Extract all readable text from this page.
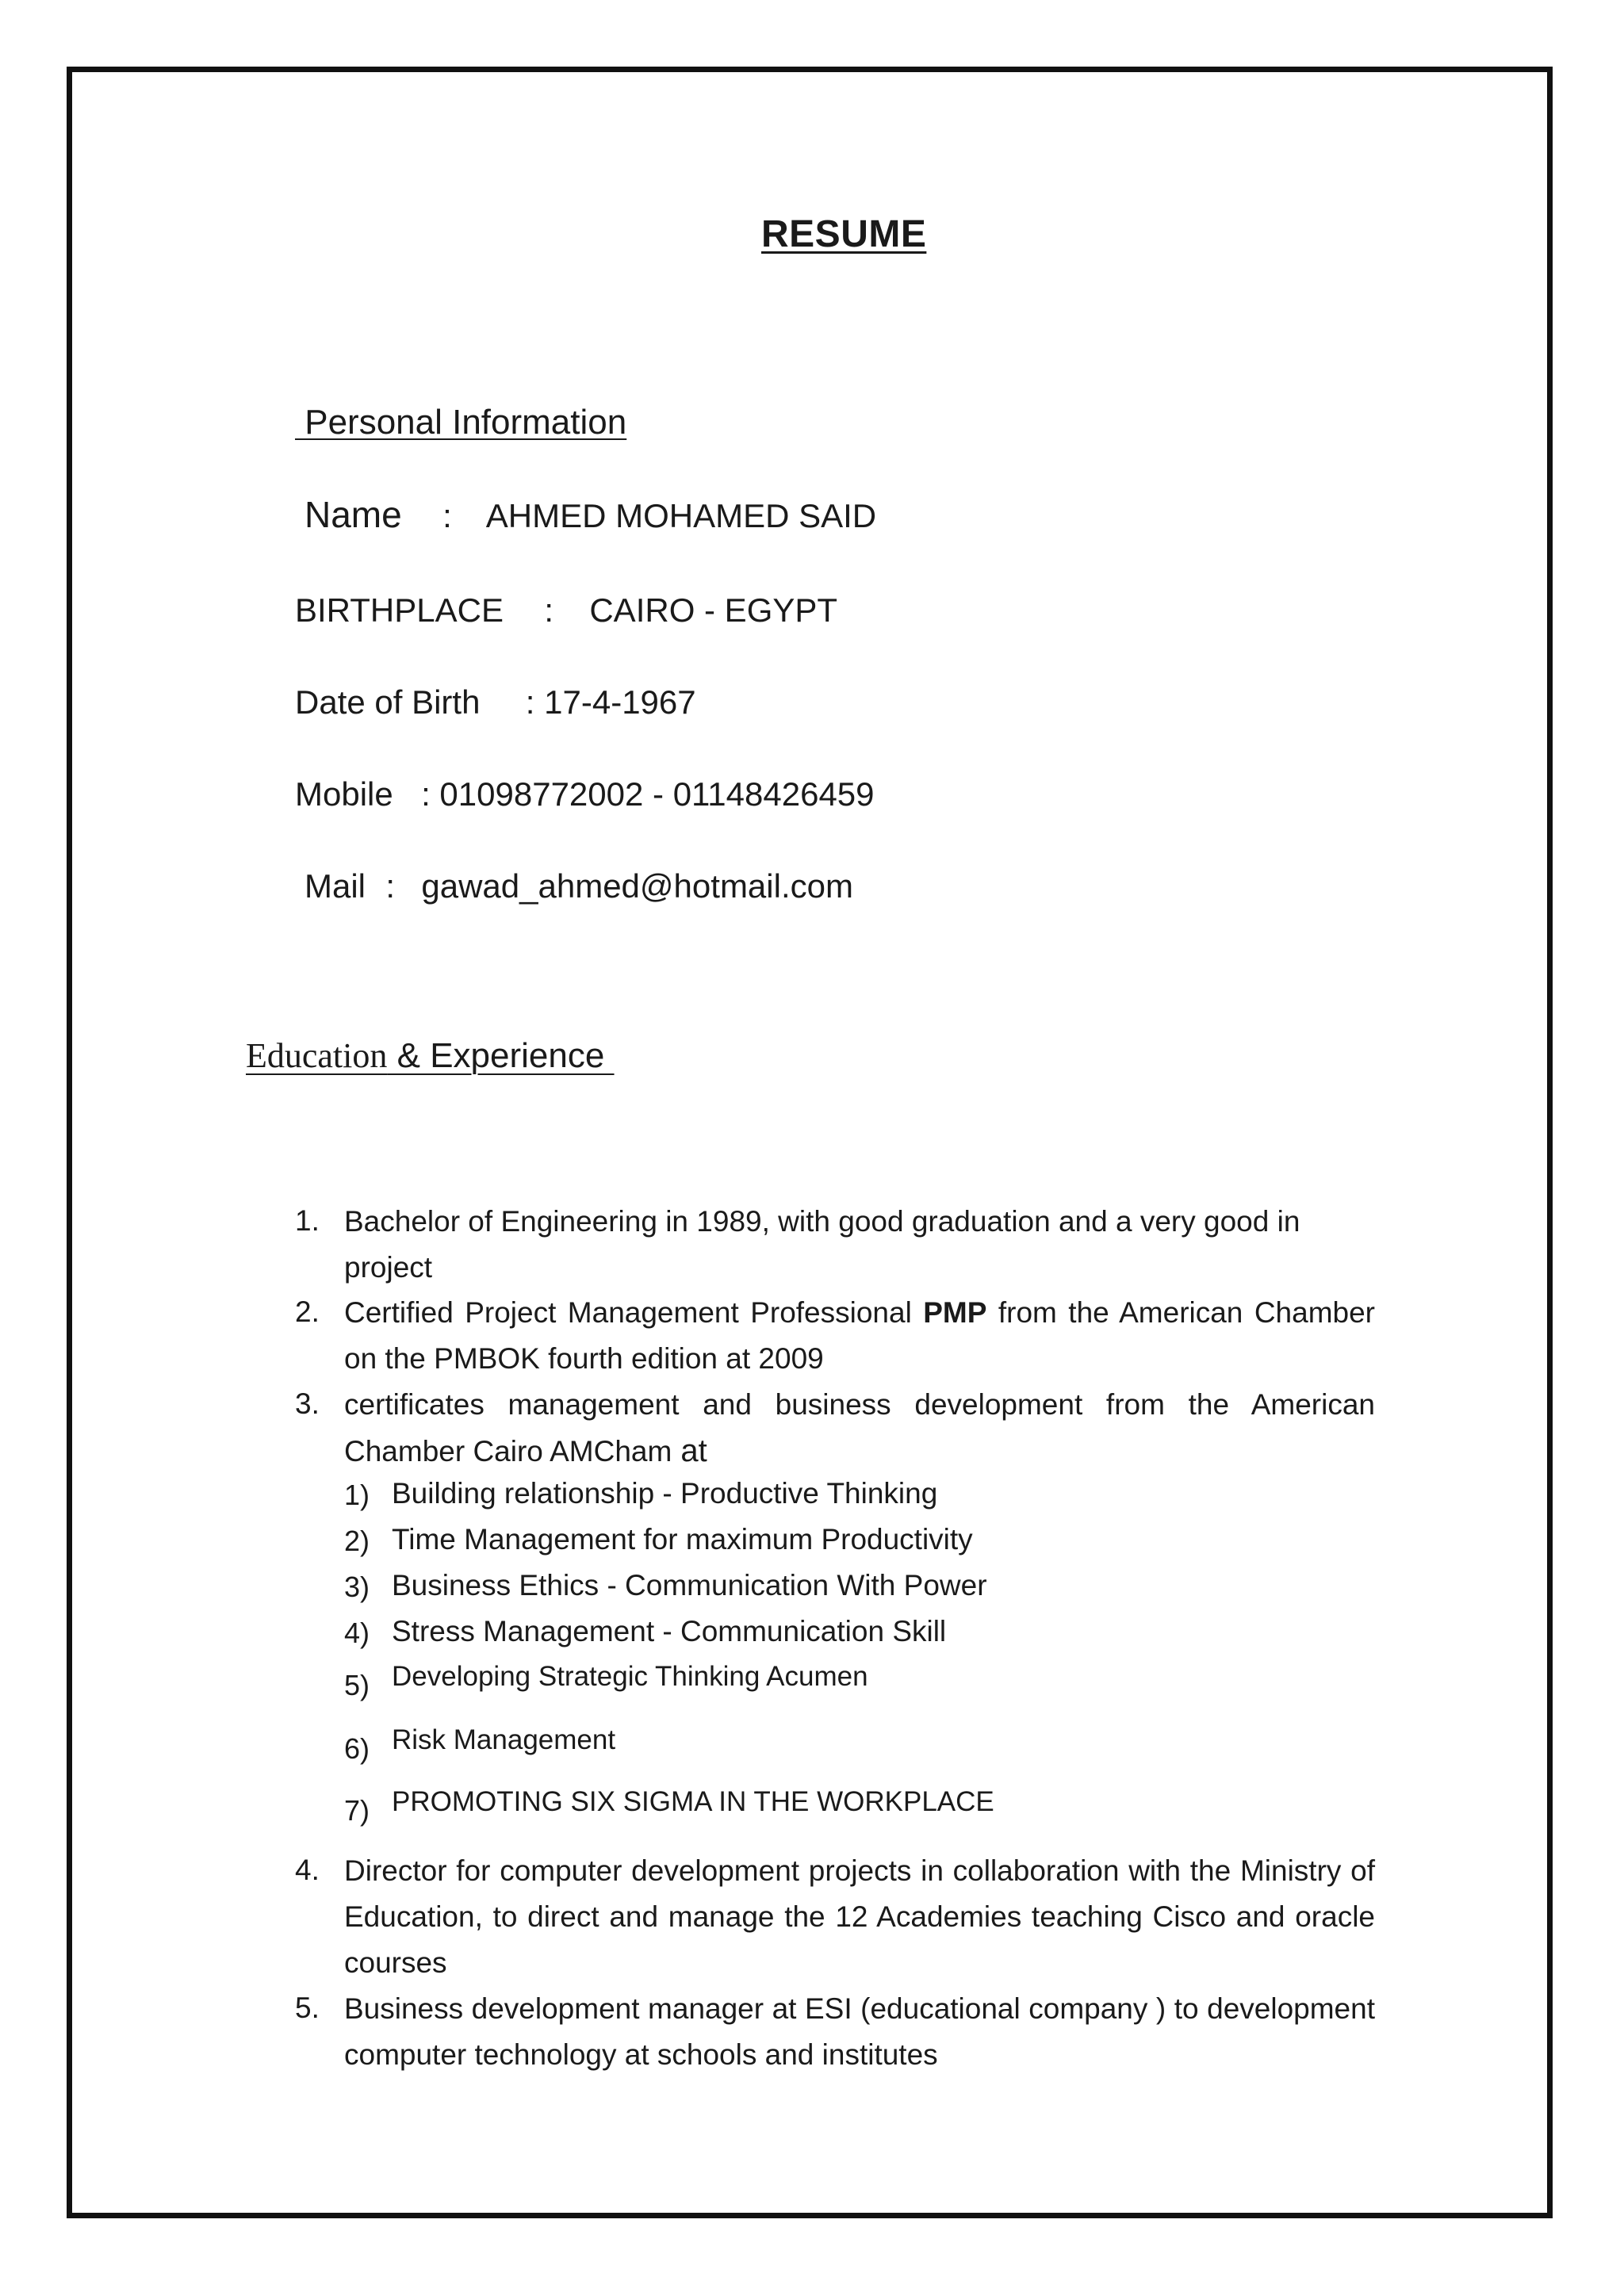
RESUME
Personal Information
Name : AHMED MOHAMED SAID
BIRTHPLACE : CAIRO - EGYPT
Date of Birth : 17-4-1967
Mobile : 01098772002 - 01148426459
Mail : gawad_ahmed@hotmail.com
Education & Experience
1. Bachelor of Engineering in 1989, with good graduation and a very good in project
2. Certified Project Management Professional PMP from the American Chamber on the PMBOK fourth edition at 2009
3. certificates management and business development from the American Chamber Cairo AMCham at
1) Building relationship - Productive Thinking
2) Time Management for maximum Productivity
3) Business Ethics - Communication With Power
4) Stress Management - Communication Skill
5) Developing Strategic Thinking Acumen
6) Risk Management
7) PROMOTING SIX SIGMA IN THE WORKPLACE
4. Director for computer development projects in collaboration with the Ministry of Education, to direct and manage the 12 Academies teaching Cisco and oracle courses
5. Business development manager at ESI (educational company ) to development computer technology at schools and institutes
